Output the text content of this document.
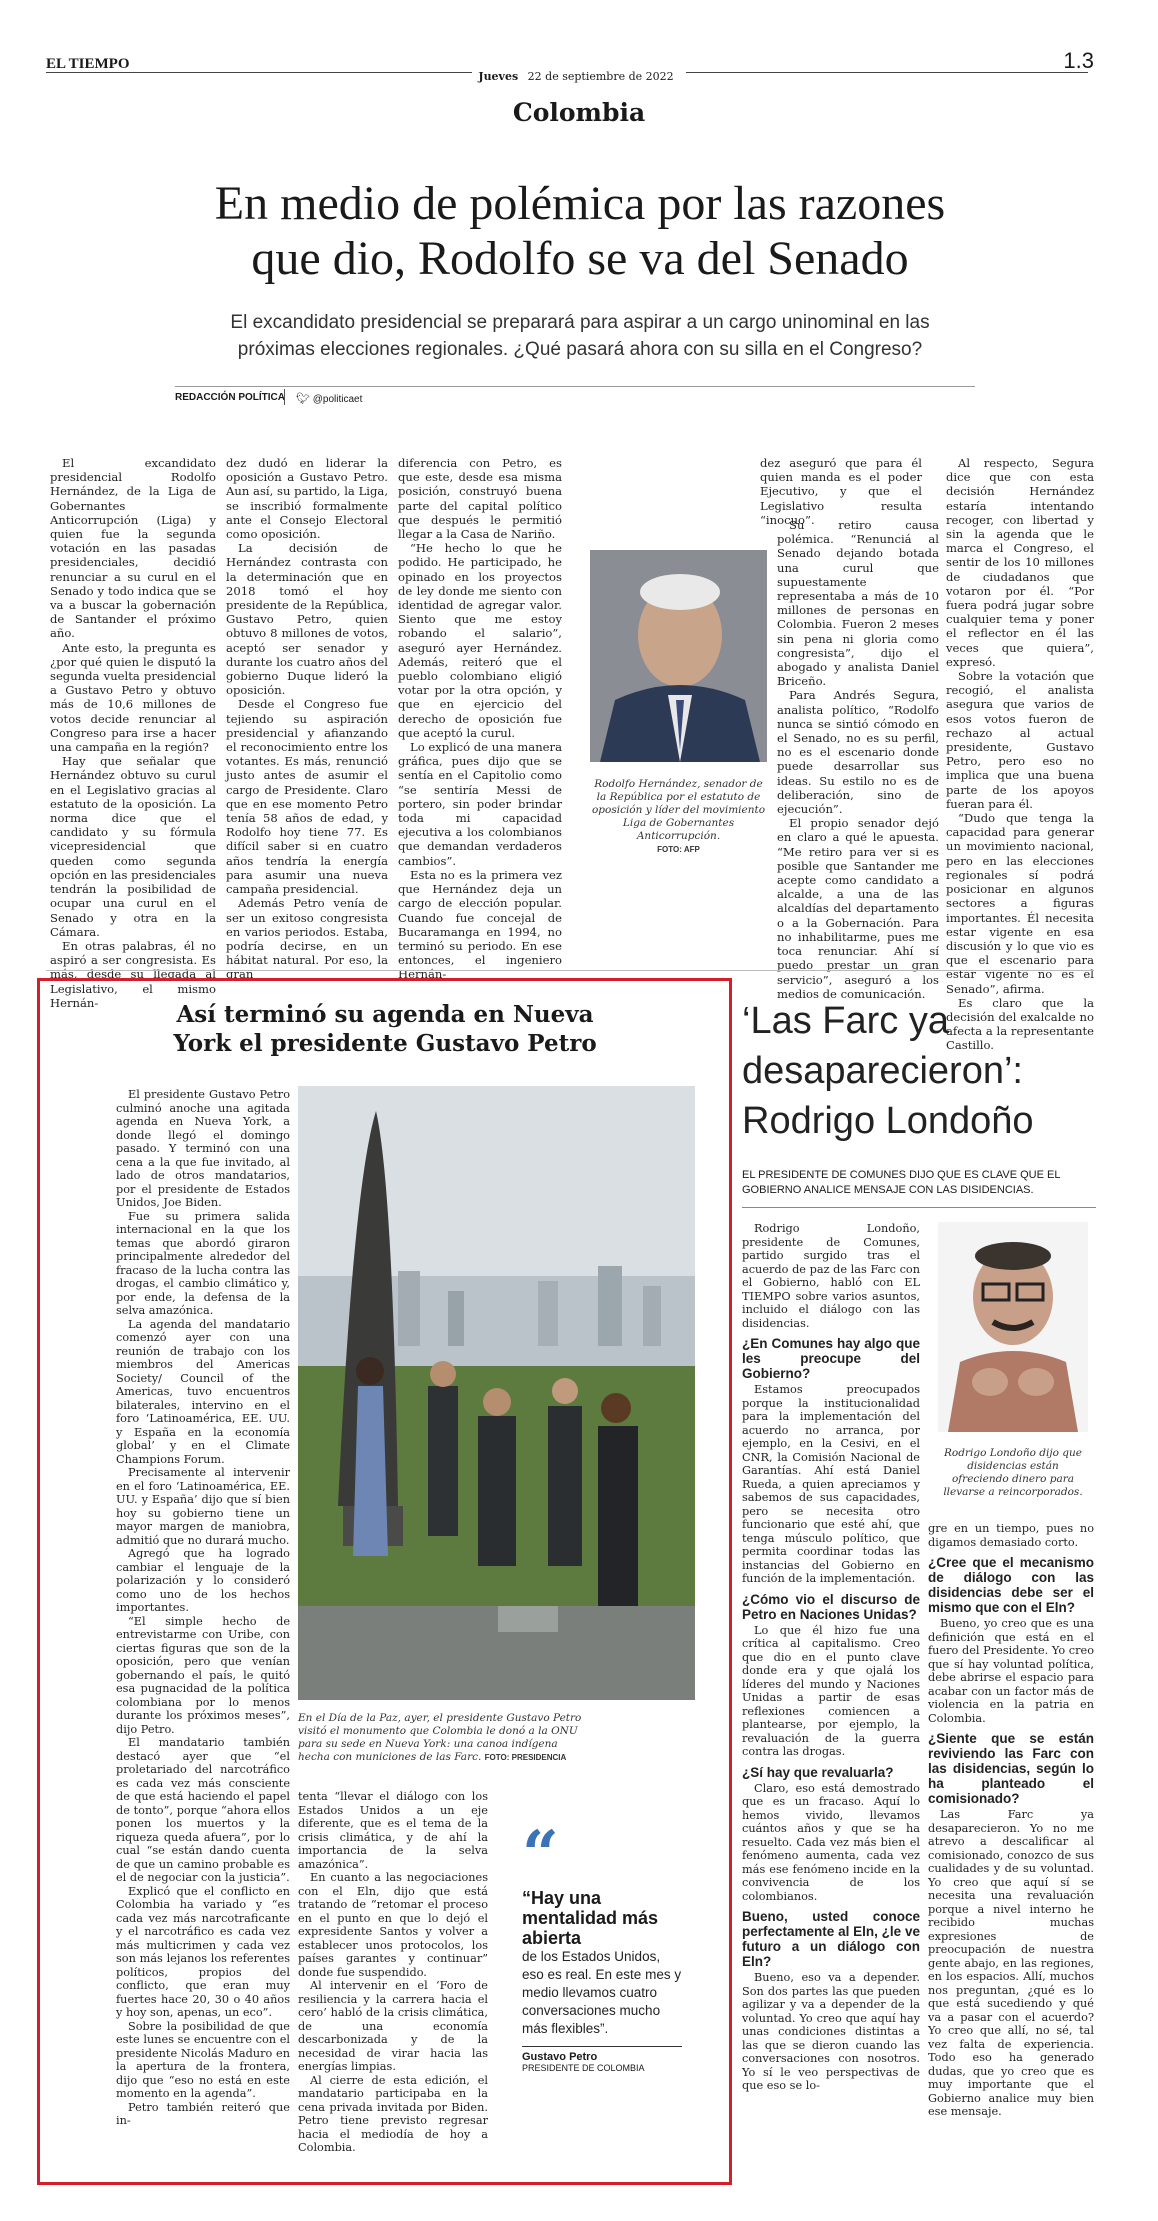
EL TIEMPO
Jueves 22 de septiembre de 2022
1.3
Colombia
En medio de polémica por las razones
que dio, Rodolfo se va del Senado
El excandidato presidencial se preparará para aspirar a un cargo uninominal en las
próximas elecciones regionales. ¿Qué pasará ahora con su silla en el Congreso?
REDACCIÓN POLÍTICA 🐦︎ @politicaet

El excandidato presidencial Rodolfo Hernández, de la Liga de Gobernantes Anticorrupción (Liga) y quien fue la segunda votación en las pasadas presidenciales, decidió renunciar a su curul en el Senado y todo indica que se va a buscar la gobernación de Santander el próximo año.

Ante esto, la pregunta es ¿por qué quien le disputó la segunda vuelta presidencial a Gustavo Petro y obtuvo más de 10,6 millones de votos decide renunciar al Congreso para irse a hacer una campaña en la región?

Hay que señalar que Hernández obtuvo su curul en el Legislativo gracias al estatuto de la oposición. La norma dice que el candidato y su fórmula vicepresidencial que queden como segunda opción en las presidenciales tendrán la posibilidad de ocupar una curul en el Senado y otra en la Cámara.

En otras palabras, él no aspiró a ser congresista. Es más, desde su llegada al Legislativo, el mismo Hernán-

dez dudó en liderar la oposición a Gustavo Petro. Aun así, su partido, la Liga, se inscribió formalmente ante el Consejo Electoral como oposición.

La decisión de Hernández contrasta con la determinación que en 2018 tomó el hoy presidente de la República, Gustavo Petro, quien obtuvo 8 millones de votos, aceptó ser senador y durante los cuatro años del gobierno Duque lideró la oposición.

Desde el Congreso fue tejiendo su aspiración presidencial y afianzando el reconocimiento entre los votantes. Es más, renunció justo antes de asumir el cargo de Presidente. Claro que en ese momento Petro tenía 58 años de edad, y Rodolfo hoy tiene 77. Es difícil saber si en cuatro años tendría la energía para asumir una nueva campaña presidencial.

Además Petro venía de ser un exitoso congresista en varios periodos. Estaba, podría decirse, en un hábitat natural. Por eso, la gran

diferencia con Petro, es que este, desde esa misma posición, construyó buena parte del capital político que después le permitió llegar a la Casa de Nariño.

“He hecho lo que he podido. He participado, he opinado en los proyectos de ley donde me siento con identidad de agregar valor. Siento que me estoy robando el salario”, aseguró ayer Hernández. Además, reiteró que el pueblo colombiano eligió votar por la otra opción, y que en ejercicio del derecho de oposición fue que aceptó la curul.

Lo explicó de una manera gráfica, pues dijo que se sentía en el Capitolio como “se sentiría Messi de portero, sin poder brindar toda mi capacidad ejecutiva a los colombianos que demandan verdaderos cambios”.

Esta no es la primera vez que Hernández deja un cargo de elección popular. Cuando fue concejal de Bucaramanga en 1994, no terminó su periodo. En ese entonces, el ingeniero Hernán-

Rodolfo Hernández, senador de la República por el estatuto de oposición y líder del movimiento Liga de Gobernantes Anticorrupción.
FOTO: AFP

dez aseguró que para él quien manda es el poder Ejecutivo, y que el Legislativo resulta “inocuo”.

Su retiro causa polémica. “Renunciá al Senado dejando botada una curul que supuestamente representaba a más de 10 millones de personas en Colombia. Fueron 2 meses sin pena ni gloria como congresista”, dijo el abogado y analista Daniel Briceño.

Para Andrés Segura, analista político, “Rodolfo nunca se sintió cómodo en el Senado, no es su perfil, no es el escenario donde puede desarrollar sus ideas. Su estilo no es de deliberación, sino de ejecución”.

El propio senador dejó en claro a qué le apuesta. “Me retiro para ver si es posible que Santander me acepte como candidato a alcalde, a una de las alcaldías del departamento o a la Gobernación. Para no inhabilitarme, pues me toca renunciar. Ahí sí puedo prestar un gran servicio”, aseguró a los medios de comunicación.

Al respecto, Segura dice que con esta decisión Hernández estaría intentando recoger, con libertad y sin la agenda que le marca el Congreso, el sentir de los 10 millones de ciudadanos que votaron por él. “Por fuera podrá jugar sobre cualquier tema y poner el reflector en él las veces que quiera”, expresó.

Sobre la votación que recogió, el analista asegura que varios de esos votos fueron de rechazo al actual presidente, Gustavo Petro, pero eso no implica que una buena parte de los apoyos fueran para él.

“Dudo que tenga la capacidad para generar un movimiento nacional, pero en las elecciones regionales sí podrá posicionar en algunos sectores a figuras importantes. Él necesita estar vigente en esa discusión y lo que vio es que el escenario para estar vigente no es el Senado”, afirma.

Es claro que la decisión del exalcalde no afecta a la representante Castillo.

Así terminó su agenda en Nueva
York el presidente Gustavo Petro

El presidente Gustavo Petro culminó anoche una agitada agenda en Nueva York, a donde llegó el domingo pasado. Y terminó con una cena a la que fue invitado, al lado de otros mandatarios, por el presidente de Estados Unidos, Joe Biden.

Fue su primera salida internacional en la que los temas que abordó giraron principalmente alrededor del fracaso de la lucha contra las drogas, el cambio climático y, por ende, la defensa de la selva amazónica.

La agenda del mandatario comenzó ayer con una reunión de trabajo con los miembros del Americas Society/ Council of the Americas, tuvo encuentros bilaterales, intervino en el foro ‘Latinoamérica, EE. UU. y España en la economía global’ y en el Climate Champions Forum.

Precisamente al intervenir en el foro ‘Latinoamérica, EE. UU. y España’ dijo que sí bien hoy su gobierno tiene un mayor margen de maniobra, admitió que no durará mucho.

Agregó que ha logrado cambiar el lenguaje de la polarización y lo consideró como uno de los hechos importantes.

“El simple hecho de entrevistarme con Uribe, con ciertas figuras que son de la oposición, pero que venían gobernando el país, le quitó esa pugnacidad de la política colombiana por lo menos durante los próximos meses”, dijo Petro.

El mandatario también destacó ayer que “el proletariado del narcotráfico es cada vez más consciente de que está haciendo el papel de tonto”, porque “ahora ellos ponen los muertos y la riqueza queda afuera”, por lo cual “se están dando cuenta de que un camino probable es el de negociar con la justicia”.

Explicó que el conflicto en Colombia ha variado y “es cada vez más narcotraficante y el narcotráfico es cada vez más multicrimen y cada vez son más lejanos los referentes políticos, propios del conflicto, que eran muy fuertes hace 20, 30 o 40 años y hoy son, apenas, un eco”.

Sobre la posibilidad de que este lunes se encuentre con el presidente Nicolás Maduro en la apertura de la frontera, dijo que “eso no está en este momento en la agenda”.

Petro también reiteró que in-

En el Día de la Paz, ayer, el presidente Gustavo Petro visitó el monumento que Colombia le donó a la ONU para su sede en Nueva York: una canoa indígena hecha con municiones de las Farc. FOTO: PRESIDENCIA

tenta “llevar el diálogo con los Estados Unidos a un eje diferente, que es el tema de la crisis climática, y de ahí la importancia de la selva amazónica”.

En cuanto a las negociaciones con el Eln, dijo que está tratando de “retomar el proceso en el punto en que lo dejó el expresidente Santos y volver a establecer unos protocolos, los países garantes y continuar” donde fue suspendido.

Al intervenir en el ‘Foro de resiliencia y la carrera hacia el cero’ habló de la crisis climática, de una economía descarbonizada y de la necesidad de virar hacia las energías limpias.

Al cierre de esta edición, el mandatario participaba en la cena privada invitada por Biden. Petro tiene previsto regresar hacia el mediodía de hoy a Colombia.

“
“Hay una mentalidad más abierta
de los Estados Unidos, eso es real. En este mes y medio llevamos cuatro conversaciones mucho más flexibles”.
Gustavo Petro
PRESIDENTE DE COLOMBIA
‘Las Farc ya
desaparecieron’:
Rodrigo Londoño
EL PRESIDENTE DE COMUNES DIJO QUE ES CLAVE QUE EL GOBIERNO ANALICE MENSAJE CON LAS DISIDENCIAS.
Rodrigo Londoño dijo que disidencias están ofreciendo dinero para llevarse a reincorporados.

Rodrigo Londoño, presidente de Comunes, partido surgido tras el acuerdo de paz de las Farc con el Gobierno, habló con EL TIEMPO sobre varios asuntos, incluido el diálogo con las disidencias.

¿En Comunes hay algo que les preocupe del Gobierno?

Estamos preocupados porque la institucionalidad para la implementación del acuerdo no arranca, por ejemplo, en la Cesivi, en el CNR, la Comisión Nacional de Garantías. Ahí está Daniel Rueda, a quien apreciamos y sabemos de sus capacidades, pero se necesita otro funcionario que esté ahí, que tenga músculo político, que permita coordinar todas las instancias del Gobierno en función de la implementación.

¿Cómo vio el discurso de Petro en Naciones Unidas?

Lo que él hizo fue una crítica al capitalismo. Creo que dio en el punto clave donde era y que ojalá los líderes del mundo y Naciones Unidas a partir de esas reflexiones comiencen a plantearse, por ejemplo, la revaluación de la guerra contra las drogas.

¿Sí hay que revaluarla?

Claro, eso está demostrado que es un fracaso. Aquí lo hemos vivido, llevamos cuántos años y que se ha resuelto. Cada vez más bien el fenómeno aumenta, cada vez más ese fenómeno incide en la convivencia de los colombianos.

Bueno, usted conoce perfectamente al Eln, ¿le ve futuro a un diálogo con Eln?

Bueno, eso va a depender. Son dos partes las que pueden agilizar y va a depender de la voluntad. Yo creo que aquí hay unas condiciones distintas a las que se dieron cuando las conversaciones con nosotros. Yo sí le veo perspectivas de que eso se lo-

gre en un tiempo, pues no digamos demasiado corto.

¿Cree que el mecanismo de diálogo con las disidencias debe ser el mismo que con el Eln?

Bueno, yo creo que es una definición que está en el fuero del Presidente. Yo creo que sí hay voluntad política, debe abrirse el espacio para acabar con un factor más de violencia en la patria en Colombia.

¿Siente que se están reviviendo las Farc con las disidencias, según lo ha planteado el comisionado?

Las Farc ya desaparecieron. Yo no me atrevo a descalificar al comisionado, conozco de sus cualidades y de su voluntad. Yo creo que aquí sí se necesita una revaluación porque a nivel interno he recibido muchas expresiones de preocupación de nuestra gente abajo, en las regiones, en los espacios. Allí, muchos nos preguntan, ¿qué es lo que está sucediendo y qué va a pasar con el acuerdo? Yo creo que allí, no sé, tal vez falta de experiencia. Todo eso ha generado dudas, que yo creo que es muy importante que el Gobierno analice muy bien ese mensaje.
